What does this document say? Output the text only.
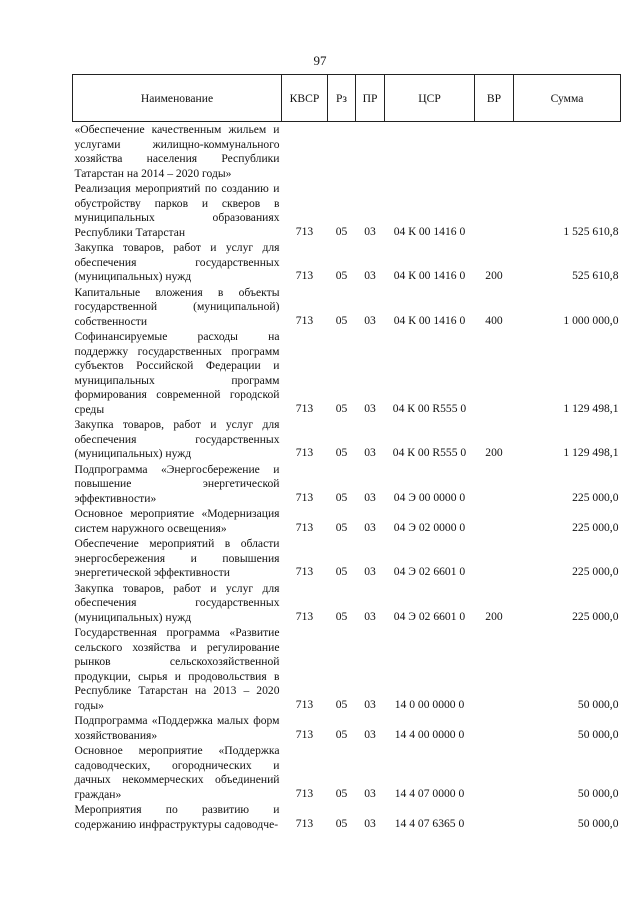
97
Наименование	КВСР	Рз	ПР	ЦСР	ВР	Сумма
«Обеспечение качественным жильем и услугами жилищно-коммунального хозяйства населения Республики Татарстан на 2014 – 2020 годы»						
Реализация мероприятий по созданию и обустройству парков и скверов в муниципальных образованиях Республики Татарстан	713	05	03	04 К 00 1416 0		1 525 610,8
Закупка товаров, работ и услуг для обеспечения государственных (муниципальных) нужд	713	05	03	04 К 00 1416 0	200	525 610,8
Капитальные вложения в объекты государственной (муниципальной) собственности	713	05	03	04 К 00 1416 0	400	1 000 000,0
Софинансируемые расходы на поддержку государственных программ субъектов Российской Федерации и муниципальных программ формирования современной городской среды	713	05	03	04 К 00 R555 0		1 129 498,1
Закупка товаров, работ и услуг для обеспечения государственных (муниципальных) нужд	713	05	03	04 К 00 R555 0	200	1 129 498,1
Подпрограмма «Энергосбережение и повышение энергетической эффективности»	713	05	03	04 Э 00 0000 0		225 000,0
Основное мероприятие «Модернизация систем наружного освещения»	713	05	03	04 Э 02 0000 0		225 000,0
Обеспечение мероприятий в области энергосбережения и повышения энергетической эффективности	713	05	03	04 Э 02 6601 0		225 000,0
Закупка товаров, работ и услуг для обеспечения государственных (муниципальных) нужд	713	05	03	04 Э 02 6601 0	200	225 000,0
Государственная программа «Развитие сельского хозяйства и регулирование рынков сельскохозяйственной продукции, сырья и продовольствия в Республике Татарстан на 2013 – 2020 годы»	713	05	03	14 0 00 0000 0		50 000,0
Подпрограмма «Поддержка малых форм хозяйствования»	713	05	03	14 4 00 0000 0		50 000,0
Основное мероприятие «Поддержка садоводческих, огороднических и дачных некоммерческих объединений граждан»	713	05	03	14 4 07 0000 0		50 000,0
Мероприятия по развитию и содержанию инфраструктуры садоводче-	713	05	03	14 4 07 6365 0		50 000,0
